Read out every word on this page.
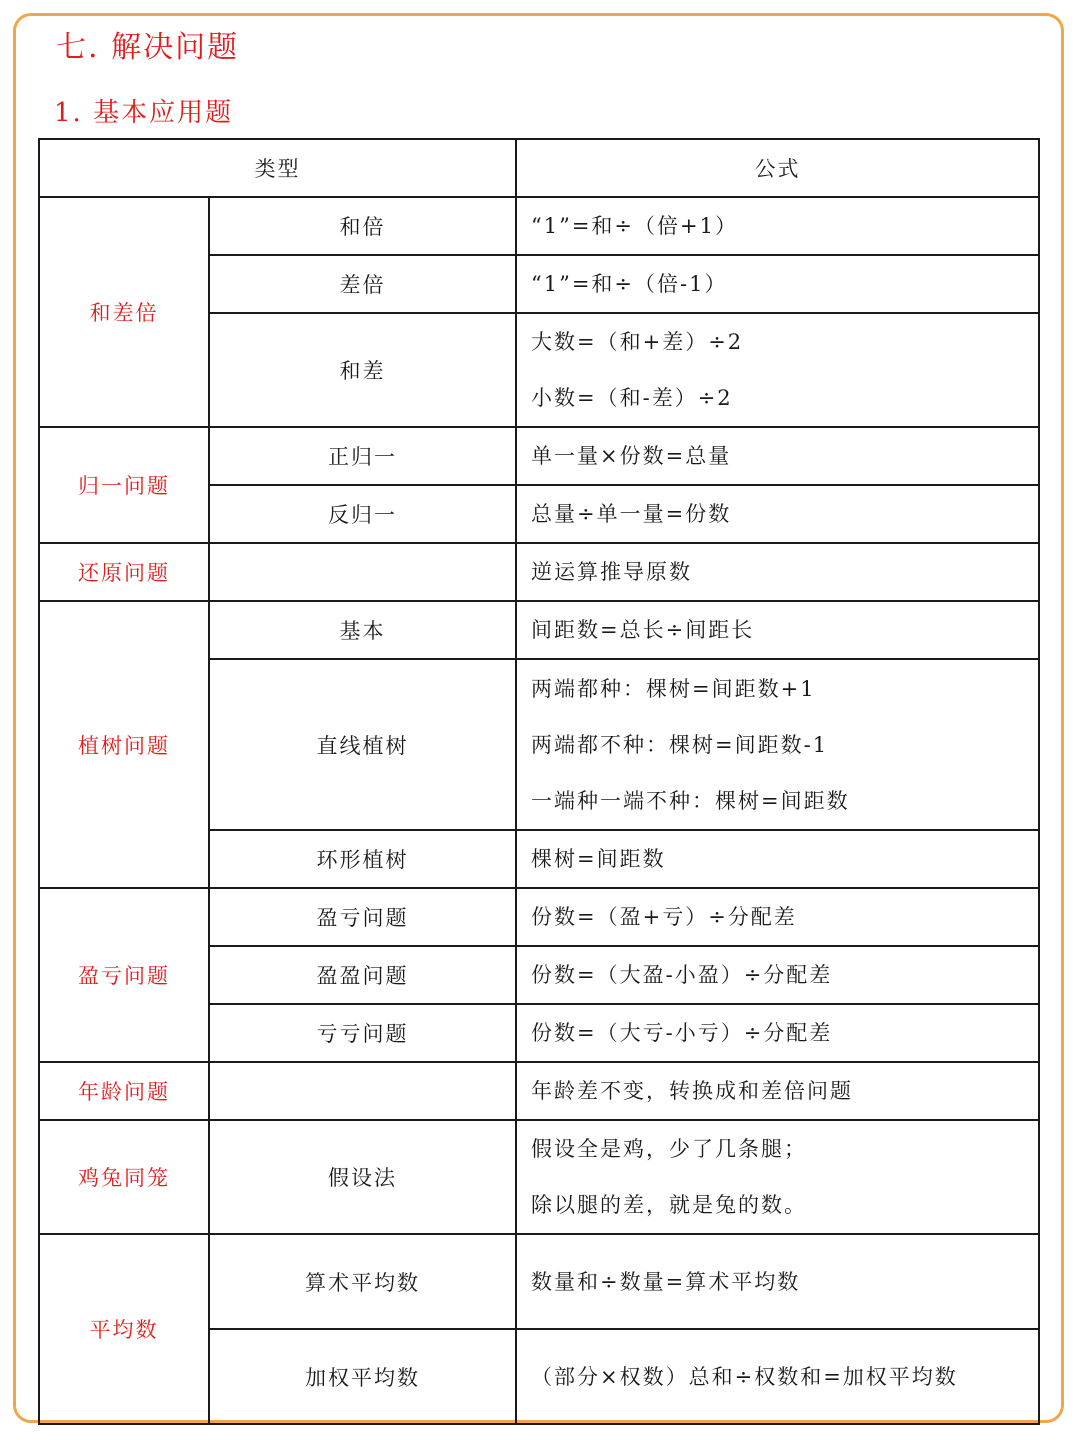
七. 解决问题
1. 基本应用题
类型		公式
和差倍	和倍	“1”=和÷（倍+1）

	差倍	“1”=和÷（倍-1）

	和差	大数=（和+差）÷2
小数=（和-差）÷2

归一问题	正归一	单一量×份数=总量

	反归一	总量÷单一量=份数

还原问题		逆运算推导原数

植树问题	基本	间距数=总长÷间距长

	直线植树	两端都种：棵树=间距数+1
两端都不种：棵树=间距数-1
一端种一端不种：棵树=间距数

	环形植树	棵树=间距数

盈亏问题	盈亏问题	份数=（盈+亏）÷分配差

	盈盈问题	份数=（大盈-小盈）÷分配差

	亏亏问题	份数=（大亏-小亏）÷分配差

年龄问题		年龄差不变，转换成和差倍问题

鸡兔同笼	假设法	假设全是鸡，少了几条腿；
除以腿的差，就是兔的数。

平均数	算术平均数	数量和÷数量=算术平均数

	加权平均数	（部分×权数）总和÷权数和=加权平均数
